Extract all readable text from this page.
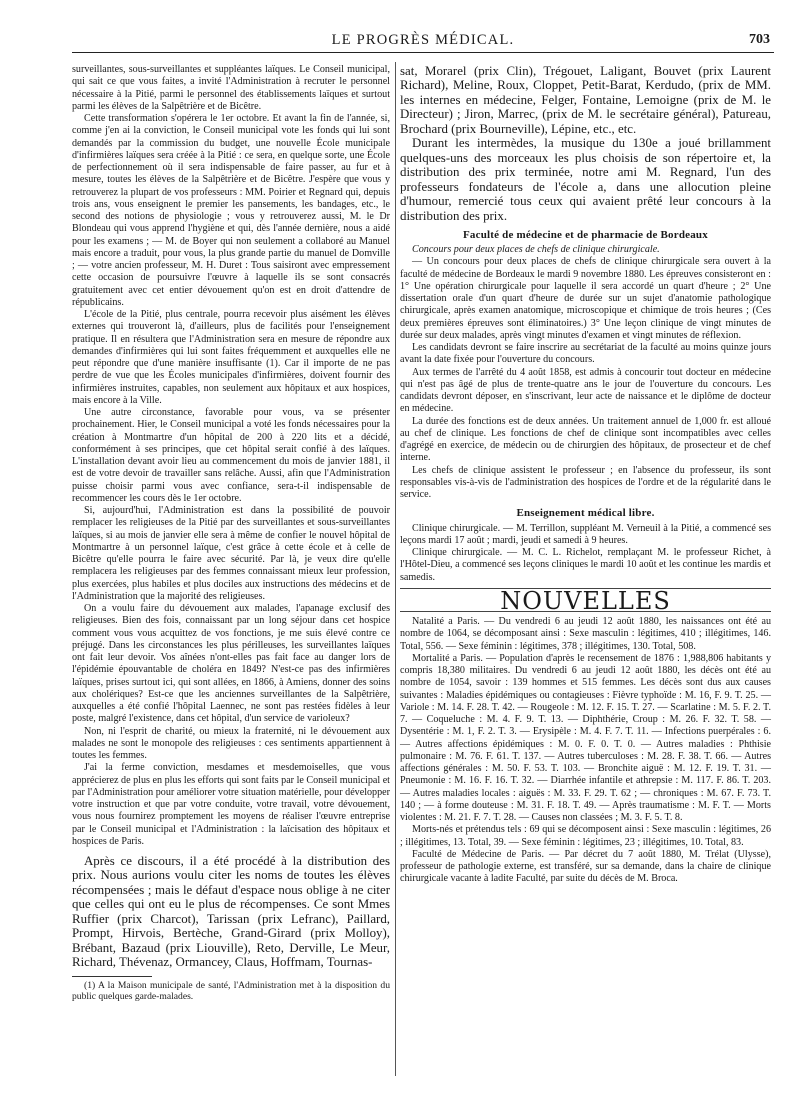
LE PROGRÈS MÉDICAL.	703

surveillantes, sous-surveillantes et suppléantes laïques. Le Conseil municipal, qui sait ce que vous faites, a invité l'Administration à recruter le personnel nécessaire à la Pitié, parmi le personnel des établissements laïques et surtout parmi les élèves de la Salpêtrière et de Bicêtre.

Cette transformation s'opérera le 1er octobre. Et avant la fin de l'année, si, comme j'en ai la conviction, le Conseil municipal vote les fonds qui lui sont demandés par la commission du budget, une nouvelle École municipale d'infirmières laïques sera créée à la Pitié : ce sera, en quelque sorte, une École de perfectionnement où il sera indispensable de faire passer, au fur et à mesure, toutes les élèves de la Salpêtrière et de Bicêtre. J'espère que vous y retrouverez la plupart de vos professeurs : MM. Poirier et Regnard qui, depuis trois ans, vous enseignent le premier les pansements, les bandages, etc., le second des notions de physiologie ; vous y retrouverez aussi, M. le Dr Blondeau qui vous apprend l'hygiène et qui, dès l'année dernière, nous a aidé pour les examens ; — M. de Boyer qui non seulement a collaboré au Manuel mais encore a traduit, pour vous, la plus grande partie du manuel de Domville ; — votre ancien professeur, M. H. Duret : Tous saisiront avec empressement cette occasion de poursuivre l'œuvre à laquelle ils se sont consacrés gratuitement avec cet entier dévouement qu'on est en droit d'attendre de républicains.

L'école de la Pitié, plus centrale, pourra recevoir plus aisément les élèves externes qui trouveront là, d'ailleurs, plus de facilités pour l'enseignement pratique. Il en résultera que l'Administration sera en mesure de répondre aux demandes d'infirmières qui lui sont faites fréquemment et auxquelles elle ne peut répondre que d'une manière insuffisante (1). Car il importe de ne pas perdre de vue que les Écoles municipales d'infirmières, doivent fournir des infirmières instruites, capables, non seulement aux hôpitaux et aux hospices, mais encore à la Ville.

Une autre circonstance, favorable pour vous, va se présenter prochainement. Hier, le Conseil municipal a voté les fonds nécessaires pour la création à Montmartre d'un hôpital de 200 à 220 lits et a décidé, conformément à ses principes, que cet hôpital serait confié à des laïques. L'installation devant avoir lieu au commencement du mois de janvier 1881, il est de votre devoir de travailler sans relâche. Aussi, afin que l'Administration puisse choisir parmi vous avec confiance, sera-t-il indispensable de recommencer les cours dès le 1er octobre.

Si, aujourd'hui, l'Administration est dans la possibilité de pouvoir remplacer les religieuses de la Pitié par des surveillantes et sous-surveillantes laïques, si au mois de janvier elle sera à même de confier le nouvel hôpital de Montmartre à un personnel laïque, c'est grâce à cette école et à celle de Bicêtre qu'elle pourra le faire avec sécurité. Par là, je veux dire qu'elle remplacera les religieuses par des femmes connaissant mieux leur profession, plus exercées, plus habiles et plus dociles aux instructions des médecins et de l'Administration que la majorité des religieuses.

On a voulu faire du dévouement aux malades, l'apanage exclusif des religieuses. Bien des fois, connaissant par un long séjour dans cet hospice comment vous vous acquittez de vos fonctions, je me suis élevé contre ce préjugé. Dans les circonstances les plus périlleuses, les surveillantes laïques ont fait leur devoir. Vos aînées n'ont-elles pas fait face au danger lors de l'épidémie épouvantable de choléra en 1849? N'est-ce pas des infirmières laïques, prises surtout ici, qui sont allées, en 1866, à Amiens, donner des soins aux cholériques? Est-ce que les anciennes surveillantes de la Salpêtrière, auxquelles a été confié l'hôpital Laennec, ne sont pas restées fidèles à leur poste, malgré l'existence, dans cet hôpital, d'un service de varioleux?

Non, ni l'esprit de charité, ou mieux la fraternité, ni le dévouement aux malades ne sont le monopole des religieuses : ces sentiments appartiennent à toutes les femmes.

J'ai la ferme conviction, mesdames et mesdemoiselles, que vous apprécierez de plus en plus les efforts qui sont faits par le Conseil municipal et par l'Administration pour améliorer votre situation matérielle, pour développer votre instruction et que par votre conduite, votre travail, votre dévouement, vous nous fournirez promptement les moyens de réaliser l'œuvre entreprise par le Conseil municipal et l'Administration : la laïcisation des hôpitaux et hospices de Paris.

Après ce discours, il a été procédé à la distribution des prix. Nous aurions voulu citer les noms de toutes les élèves récompensées ; mais le défaut d'espace nous oblige à ne citer que celles qui ont eu le plus de récompenses. Ce sont Mmes Ruffier (prix Charcot), Tarissan (prix Lefranc), Paillard, Prompt, Hirvois, Bertèche, Grand-Girard (prix Molloy), Brébant, Bazaud (prix Liouville), Reto, Derville, Le Meur, Richard, Thévenaz, Ormancey, Claus, Hoffmam, Tournas-

(1) A la Maison municipale de santé, l'Administration met à la disposition du public quelques garde-malades.

sat, Morarel (prix Clin), Trégouet, Laligant, Bouvet (prix Laurent Richard), Meline, Roux, Cloppet, Petit-Barat, Kerdudo, (prix de MM. les internes en médecine, Felger, Fontaine, Lemoigne (prix de M. le Directeur) ; Jiron, Marrec, (prix de M. le secrétaire général), Patureau, Brochard (prix Bourneville), Lépine, etc., etc.

Durant les intermèdes, la musique du 130e a joué brillamment quelques-uns des morceaux les plus choisis de son répertoire et, la distribution des prix terminée, notre ami M. Regnard, l'un des professeurs fondateurs de l'école a, dans une allocution pleine d'humour, remercié tous ceux qui avaient prêté leur concours à la distribution des prix.

Faculté de médecine et de pharmacie de Bordeaux

Concours pour deux places de chefs de clinique chirurgicale.

— Un concours pour deux places de chefs de clinique chirurgicale sera ouvert à la faculté de médecine de Bordeaux le mardi 9 novembre 1880. Les épreuves consisteront en : 1° Une opération chirurgicale pour laquelle il sera accordé un quart d'heure ; 2° Une dissertation orale d'un quart d'heure de durée sur un sujet d'anatomie pathologique chirurgicale, après examen anatomique, microscopique et chimique de trois heures ; (Ces deux premières épreuves sont éliminatoires.) 3° Une leçon clinique de vingt minutes de durée sur deux malades, après vingt minutes d'examen et vingt minutes de réflexion.

Les candidats devront se faire inscrire au secrétariat de la faculté au moins quinze jours avant la date fixée pour l'ouverture du concours.

Aux termes de l'arrêté du 4 août 1858, est admis à concourir tout docteur en médecine qui n'est pas âgé de plus de trente-quatre ans le jour de l'ouverture du concours. Les candidats devront déposer, en s'inscrivant, leur acte de naissance et le diplôme de docteur en médecine.

La durée des fonctions est de deux années. Un traitement annuel de 1,000 fr. est alloué au chef de clinique. Les fonctions de chef de clinique sont incompatibles avec celles d'agrégé en exercice, de médecin ou de chirurgien des hôpitaux, de prosecteur et de chef interne.

Les chefs de clinique assistent le professeur ; en l'absence du professeur, ils sont responsables vis-à-vis de l'administration des hospices de l'ordre et de la régularité dans le service.

Enseignement médical libre.

Clinique chirurgicale. — M. Terrillon, suppléant M. Verneuil à la Pitié, a commencé ses leçons mardi 17 août ; mardi, jeudi et samedi à 9 heures.

Clinique chirurgicale. — M. C. L. Richelot, remplaçant M. le professeur Richet, à l'Hôtel-Dieu, a commencé ses leçons cliniques le mardi 10 août et les continue les mardis et samedis.

NOUVELLES

Natalité a Paris. — Du vendredi 6 au jeudi 12 août 1880, les naissances ont été au nombre de 1064, se décomposant ainsi : Sexe masculin : légitimes, 410 ; illégitimes, 146. Total, 556. — Sexe féminin : légitimes, 378 ; illégitimes, 130. Total, 508.

Mortalité a Paris. — Population d'après le recensement de 1876 : 1,988,806 habitants y compris 18,380 militaires. Du vendredi 6 au jeudi 12 août 1880, les décès ont été au nombre de 1054, savoir : 139 hommes et 515 femmes. Les décès sont dus aux causes suivantes : Maladies épidémiques ou contagieuses : Fièvre typhoïde : M. 16, F. 9. T. 25. — Variole : M. 14. F. 28. T. 42. — Rougeole : M. 12. F. 15. T. 27. — Scarlatine : M. 5. F. 2. T. 7. — Coqueluche : M. 4. F. 9. T. 13. — Diphthérie, Croup : M. 26. F. 32. T. 58. — Dysentérie : M. 1, F. 2. T. 3. — Erysipèle : M. 4. F. 7. T. 11. — Infections puerpérales : 6. — Autres affections épidémiques : M. 0. F. 0. T. 0. — Autres maladies : Phthisie pulmonaire : M. 76. F. 61. T. 137. — Autres tuberculoses : M. 28. F. 38. T. 66. — Autres affections générales : M. 50. F. 53. T. 103. — Bronchite aiguë : M. 12. F. 19. T. 31. — Pneumonie : M. 16. F. 16. T. 32. — Diarrhée infantile et athrepsie : M. 117. F. 86. T. 203. — Autres maladies locales : aiguës : M. 33. F. 29. T. 62 ; — chroniques : M. 67. F. 73. T. 140 ; — à forme douteuse : M. 31. F. 18. T. 49. — Après traumatisme : M. F. T. — Morts violentes : M. 21. F. 7. T. 28. — Causes non classées ; M. 3. F. 5. T. 8.

Morts-nés et prétendus tels : 69 qui se décomposent ainsi : Sexe masculin : légitimes, 26 ; illégitimes, 13. Total, 39. — Sexe féminin : légitimes, 23 ; illégitimes, 10. Total, 83.

Faculté de Médecine de Paris. — Par décret du 7 août 1880, M. Trélat (Ulysse), professeur de pathologie externe, est transféré, sur sa demande, dans la chaire de clinique chirurgicale vacante à ladite Faculté, par suite du décès de M. Broca.
